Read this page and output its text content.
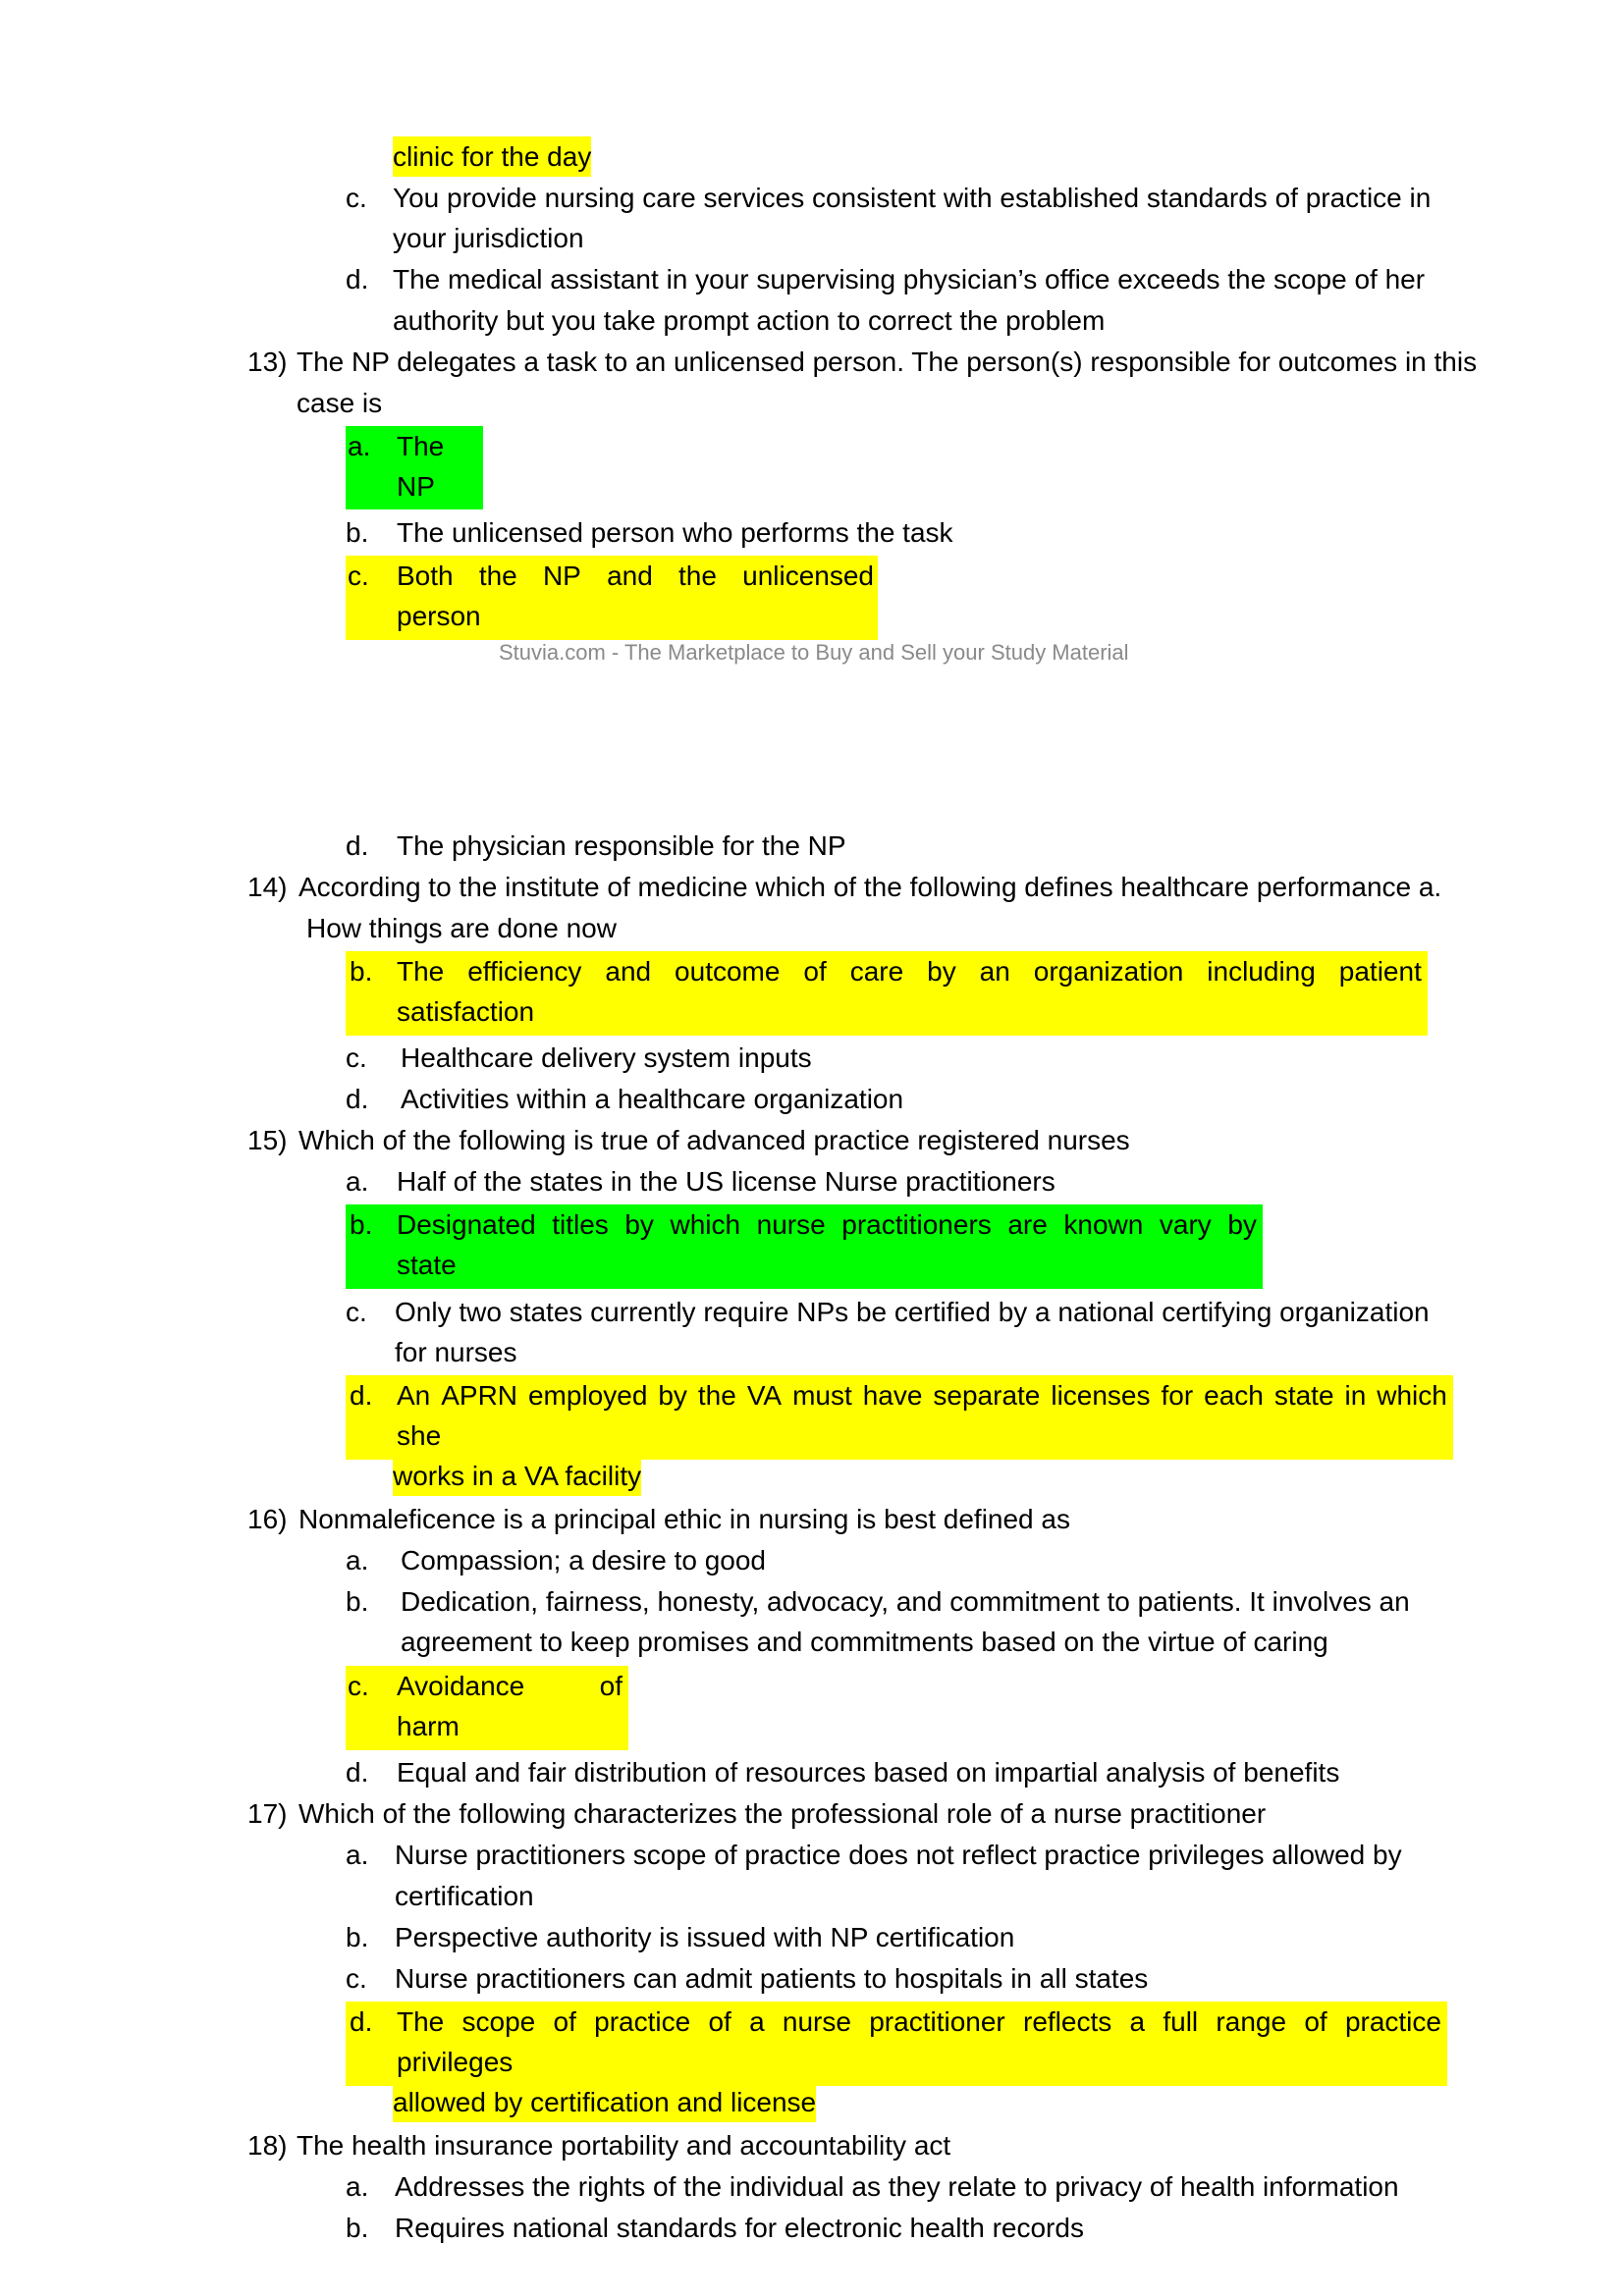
clinic for the day
c. You provide nursing care services consistent with established standards of practice in
your jurisdiction
d. The medical assistant in your supervising physician’s office exceeds the scope of her
authority but you take prompt action to correct the problem
13) The NP delegates a task to an unlicensed person. The person(s) responsible for outcomes in this
case is
a. The
NP
b. The unlicensed person who performs the task
c. Both the NP and the unlicensed
person
Stuvia.com - The Marketplace to Buy and Sell your Study Material
d. The physician responsible for the NP
14) According to the institute of medicine which of the following defines healthcare performance a.
How things are done now
b. The efficiency and outcome of care by an organization including patient
satisfaction
c. Healthcare delivery system inputs
d. Activities within a healthcare organization
15) Which of the following is true of advanced practice registered nurses
a. Half of the states in the US license Nurse practitioners
b. Designated titles by which nurse practitioners are known vary by
state
c. Only two states currently require NPs be certified by a national certifying organization
for nurses
d. An APRN employed by the VA must have separate licenses for each state in which
she
works in a VA facility
16) Nonmaleficence is a principal ethic in nursing is best defined as
a. Compassion; a desire to good
b. Dedication, fairness, honesty, advocacy, and commitment to patients. It involves an
agreement to keep promises and commitments based on the virtue of caring
c. Avoidance	of
harm
d. Equal and fair distribution of resources based on impartial analysis of benefits
17) Which of the following characterizes the professional role of a nurse practitioner
a. Nurse practitioners scope of practice does not reflect practice privileges allowed by
certification
b. Perspective authority is issued with NP certification
c. Nurse practitioners can admit patients to hospitals in all states
d. The scope of practice of a nurse practitioner reflects a full range of practice
privileges
allowed by certification and license
18) The health insurance portability and accountability act
a. Addresses the rights of the individual as they relate to privacy of health information
b. Requires national standards for electronic health records
